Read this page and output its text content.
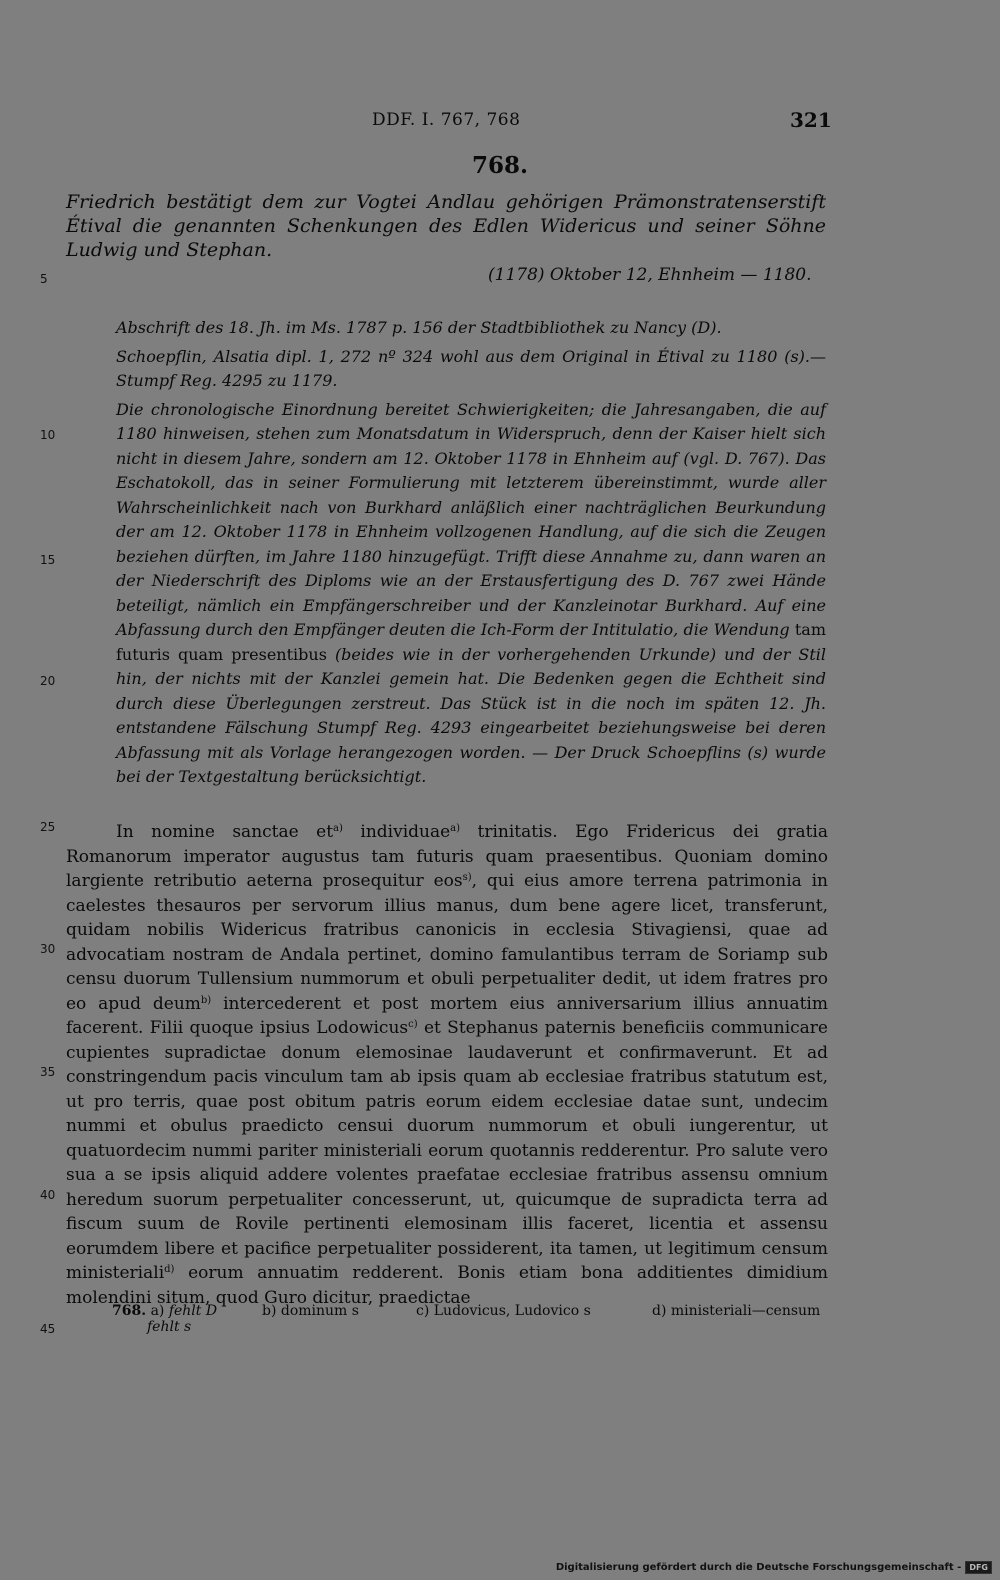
DDF. I. 767, 768	321
768.
Friedrich bestätigt dem zur Vogtei Andlau gehörigen Prämonstratenserstift Étival die genannten Schenkungen des Edlen Widericus und seiner Söhne Ludwig und Stephan.
(1178) Oktober 12, Ehnheim — 1180.

Abschrift des 18. Jh. im Ms. 1787 p. 156 der Stadtbibliothek zu Nancy (D).

Schoepflin, Alsatia dipl. 1, 272 nº 324 wohl aus dem Original in Étival zu 1180 (s).— Stumpf Reg. 4295 zu 1179.

Die chronologische Einordnung bereitet Schwierigkeiten; die Jahresangaben, die auf 1180 hinweisen, stehen zum Monatsdatum in Widerspruch, denn der Kaiser hielt sich nicht in diesem Jahre, sondern am 12. Oktober 1178 in Ehnheim auf (vgl. D. 767). Das Eschatokoll, das in seiner Formulierung mit letzterem übereinstimmt, wurde aller Wahrscheinlichkeit nach von Burkhard anläßlich einer nachträglichen Beurkundung der am 12. Oktober 1178 in Ehnheim vollzogenen Handlung, auf die sich die Zeugen beziehen dürften, im Jahre 1180 hinzugefügt. Trifft diese Annahme zu, dann waren an der Niederschrift des Diploms wie an der Erstausfertigung des D. 767 zwei Hände beteiligt, nämlich ein Empfängerschreiber und der Kanzleinotar Burkhard. Auf eine Abfassung durch den Empfänger deuten die Ich-Form der Intitulatio, die Wendung tam futuris quam presentibus (beides wie in der vorhergehenden Urkunde) und der Stil hin, der nichts mit der Kanzlei gemein hat. Die Bedenken gegen die Echtheit sind durch diese Überlegungen zerstreut. Das Stück ist in die noch im späten 12. Jh. entstandene Fälschung Stumpf Reg. 4293 eingearbeitet beziehungsweise bei deren Abfassung mit als Vorlage herangezogen worden. — Der Druck Schoepflins (s) wurde bei der Textgestaltung berücksichtigt.

In nomine sanctae $et^{a)}$ individuae$^{a)}$ trinitatis. Ego Fridericus dei gratia Romanorum imperator augustus tam futuris quam praesentibus. Quoniam domino largiente retributio aeterna prosequitur eos$^{s)}$, qui eius amore terrena patrimonia in caelestes thesauros per servorum illius manus, dum bene agere licet, transferunt, quidam nobilis Widericus fratribus canonicis in ecclesia Stivagiensi, quae ad advocatiam nostram de Andala pertinet, domino famulantibus terram de Soriamp sub censu duorum Tullensium nummorum et obuli perpetualiter dedit, ut idem fratres pro eo apud deum$^{b)}$ intercederent et post mortem eius anniversarium illius annuatim facerent. Filii quoque ipsius Lodowicus$^{c)}$ et Stephanus paternis beneficiis communicare cupientes supradictae donum elemosinae laudaverunt et confirmaverunt. Et ad constringendum pacis vinculum tam ab ipsis quam ab ecclesiae fratribus statutum est, ut pro terris, quae post obitum patris eorum eidem ecclesiae datae sunt, undecim nummi et obulus praedicto censui duorum nummorum et obuli iungerentur, ut quatuordecim nummi pariter ministeriali eorum quotannis redderentur. Pro salute vero sua a se ipsis aliquid addere volentes praefatae ecclesiae fratribus assensu omnium heredum suorum perpetualiter concesserunt, ut, quicumque de supradicta terra ad fiscum suum de Rovile pertinenti elemosinam illis faceret, licentia et assensu eorumdem libere et pacifice perpetualiter possiderent, ita tamen, ut legitimum censum ministeriali$^{d)}$ eorum annuatim redderent. Bonis etiam bona additientes dimidium molendini situm, quod Guro dicitur, praedictae

768. a) fehlt D
fehlt s
b) dominum s	c) Ludovicus, Ludovico s	d) ministeriali—censum
5
10
15
20
25
30
35
40
45
Digitalisierung gefördert durch die Deutsche Forschungsgemeinschaft -	DFG
